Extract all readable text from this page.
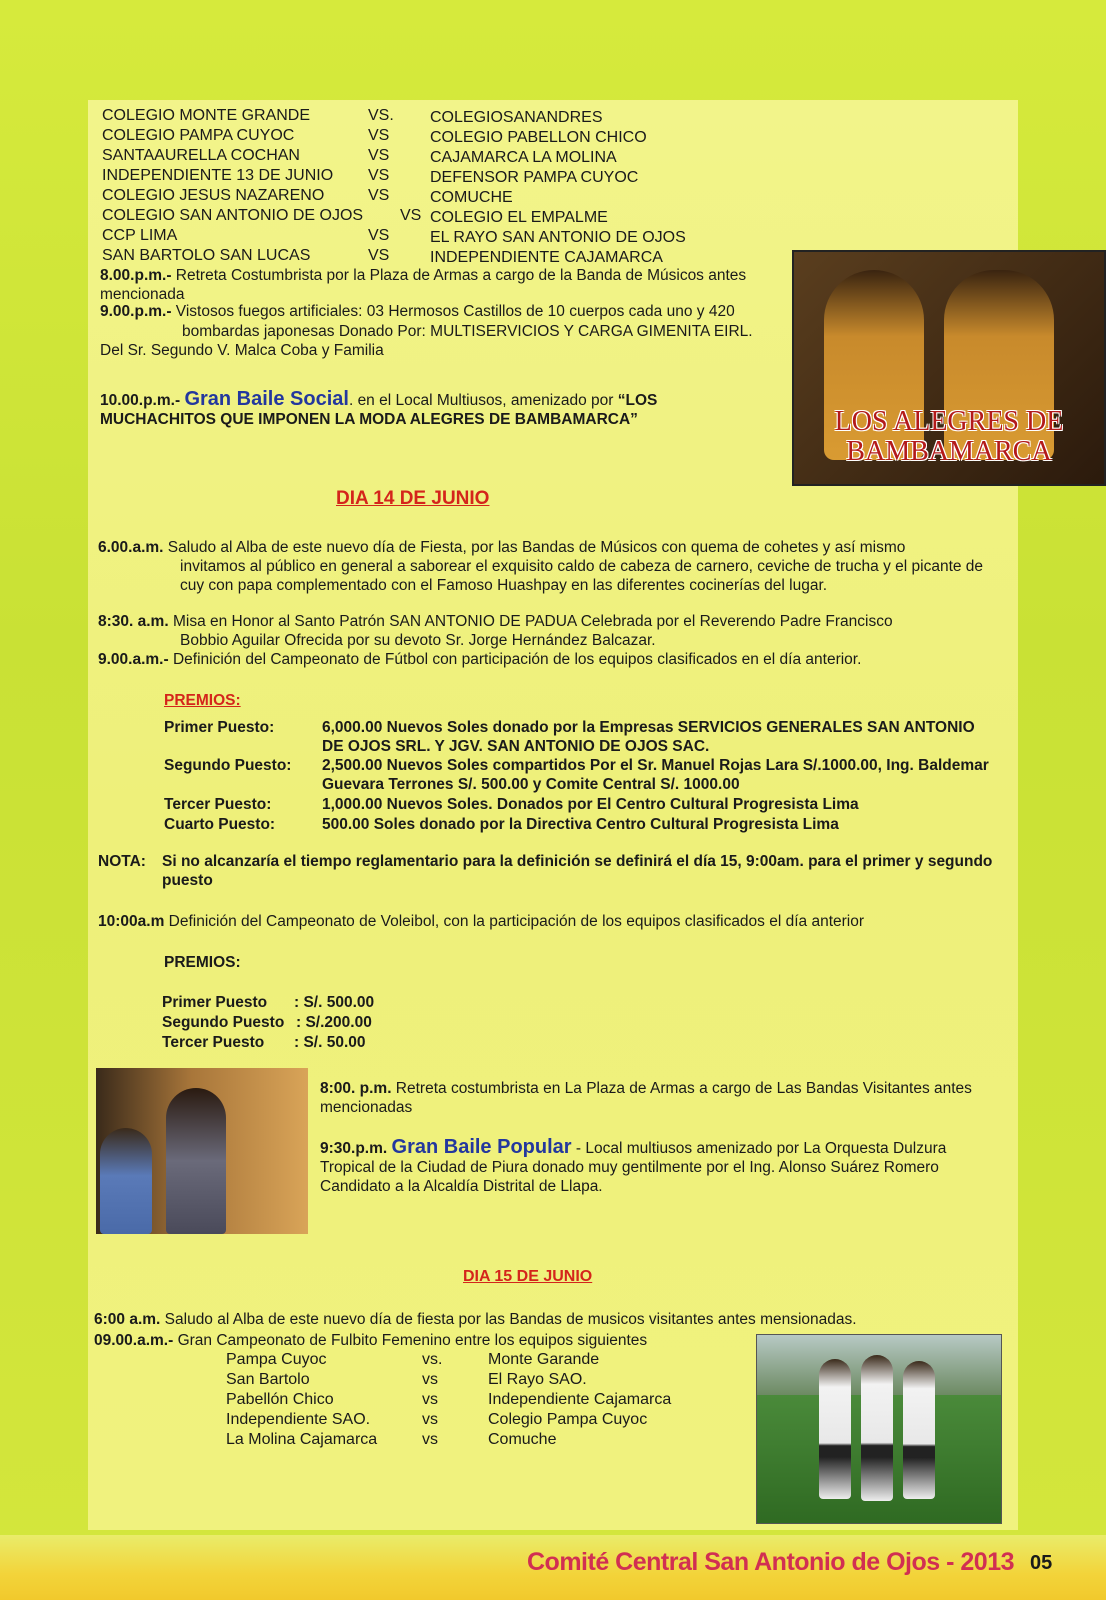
COLEGIO MONTE GRANDE	VS. COLEGIOSANANDRES
COLEGIO PAMPA CUYOC	VS	COLEGIO PABELLON CHICO
SANTAAURELLA COCHAN	VS	CAJAMARCA LA MOLINA
INDEPENDIENTE 13 DE JUNIO VS	DEFENSOR PAMPA CUYOC
COLEGIO JESUS NAZARENO	VS	COMUCHE
COLEGIO SAN ANTONIO DE OJOS VS COLEGIO EL EMPALME
CCP LIMA	VS	EL RAYO SAN ANTONIO DE OJOS
SAN BARTOLO SAN LUCAS	VS	INDEPENDIENTE CAJAMARCA
8.00.p.m.- Retreta Costumbrista por la Plaza de Armas a cargo de la Banda de Músicos antes mencionada
9.00.p.m.- Vistosos fuegos artificiales: 03 Hermosos Castillos de 10 cuerpos cada uno y 420
bombardas japonesas Donado Por: MULTISERVICIOS Y CARGA GIMENITA EIRL. Del Sr. Segundo V. Malca Coba y Familia
10.00.p.m.- Gran Baile Social. en el Local Multiusos, amenizado por “LOS MUCHACHITOS QUE IMPONEN LA MODA ALEGRES DE BAMBAMARCA”	LOS ALEGRES DE BAMBAMARCA
DIA 14 DE JUNIO
6.00.a.m. Saludo al Alba de este nuevo día de Fiesta, por las Bandas de Músicos con quema de cohetes y así mismo
invitamos al público en general a saborear el exquisito caldo de cabeza de carnero, ceviche de trucha y el picante de cuy con papa complementado con el Famoso Huashpay en las diferentes cocinerías del lugar.
8:30. a.m. Misa en Honor al Santo Patrón SAN ANTONIO DE PADUA Celebrada por el Reverendo Padre Francisco
Bobbio Aguilar Ofrecida por su devoto Sr. Jorge Hernández Balcazar.
9.00.a.m.- Definición del Campeonato de Fútbol con participación de los equipos clasificados en el día anterior.
PREMIOS:
Primer Puesto:	6,000.00 Nuevos Soles donado por la Empresas SERVICIOS GENERALES SAN ANTONIO DE OJOS SRL. Y JGV. SAN ANTONIO DE OJOS SAC.
Segundo Puesto: 2,500.00 Nuevos Soles compartidos Por el Sr. Manuel Rojas Lara S/.1000.00, Ing. Baldemar Guevara Terrones S/. 500.00 y Comite Central S/. 1000.00
Tercer Puesto:	1,000.00 Nuevos Soles. Donados por El Centro Cultural Progresista Lima
Cuarto Puesto:	500.00 Soles donado por la Directiva Centro Cultural Progresista Lima
NOTA: Si no alcanzaría el tiempo reglamentario para la definición se definirá el día 15, 9:00am. para el primer y segundo puesto
10:00a.m Definición del Campeonato de Voleibol, con la participación de los equipos clasificados el día anterior
PREMIOS:
Primer Puesto : S/. 500.00
Segundo Puesto : S/.200.00
Tercer Puesto : S/. 50.00
8:00. p.m. Retreta costumbrista en La Plaza de Armas a cargo de Las Bandas Visitantes antes mencionadas
9:30.p.m. Gran Baile Popular - Local multiusos amenizado por La Orquesta Dulzura Tropical de la Ciudad de Piura donado muy gentilmente por el Ing. Alonso Suárez Romero Candidato a la Alcaldía Distrital de Llapa.
DIA 15 DE JUNIO
6:00 a.m. Saludo al Alba de este nuevo día de fiesta por las Bandas de musicos visitantes antes mensionadas.
09.00.a.m.- Gran Campeonato de Fulbito Femenino entre los equipos siguientes
Pampa Cuyoc	vs.	Monte Garande
San Bartolo	vs	El Rayo SAO.
Pabellón Chico	vs	Independiente Cajamarca
Independiente SAO.	vs	Colegio Pampa Cuyoc
La Molina Cajamarca	vs	Comuche
Comité Central San Antonio de Ojos - 2013 05
